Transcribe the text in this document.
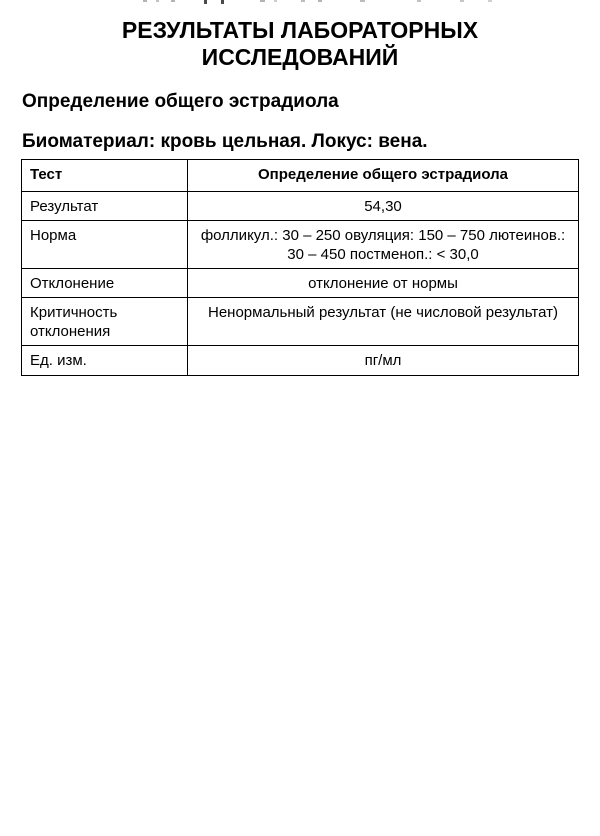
РЕЗУЛЬТАТЫ ЛАБОРАТОРНЫХ
ИССЛЕДОВАНИЙ
Определение общего эстрадиола
Биоматериал: кровь цельная. Локус: вена.
Тест	Определение общего эстрадиола
Результат	54,30
Норма	фолликул.: 30 – 250 овуляция: 150 – 750 лютеинов.: 30 – 450 постменоп.: < 30,0
Отклонение	отклонение от нормы
Критичность отклонения	Ненормальный результат (не числовой результат)
Ед. изм.	пг/мл
